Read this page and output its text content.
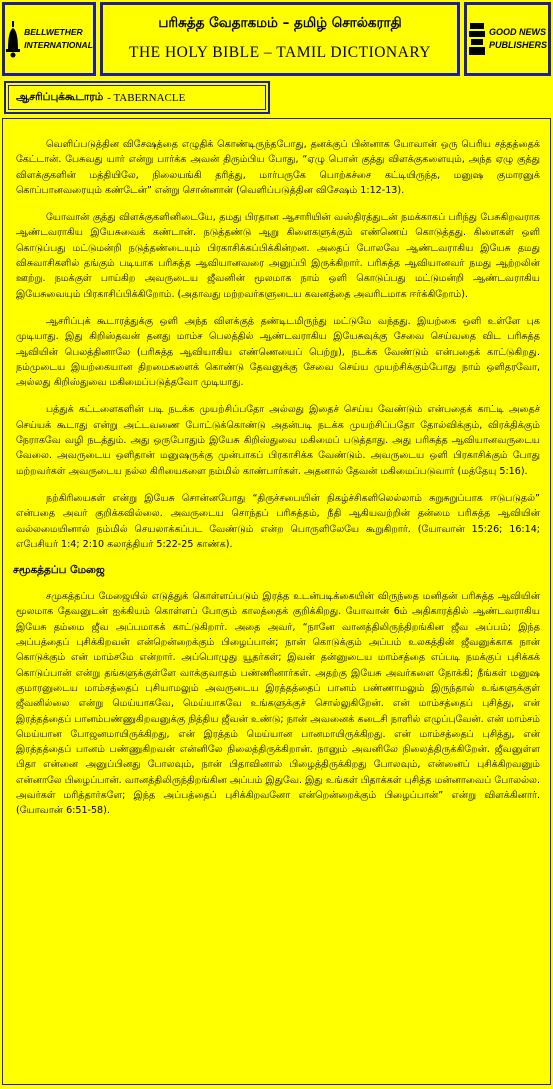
BELLWETHER
INTERNATIONAL
பரிசுத்த வேதாகமம் – தமிழ் சொல்கராதி
THE HOLY BIBLE – TAMIL DICTIONARY
GOOD NEWS
PUBLISHERS
ஆசரிப்புக்கூடாரம் - TABERNACLE

வெளிப்படுத்தின விசேஷத்தை எழுதிக் கொண்டிருந்தபோது, தனக்குப் பின்னாக யோவான் ஒரு பெரிய சத்தத்தைக் கேட்டான். பேசுவது யார் என்று பார்க்க அவன் திரும்பிய போது, “ஏழு பொன் குத்து விளக்குகளையும், அந்த ஏழு குத்து விளக்குகளின் மத்தியிலே, நிலையங்கி தரித்து, மார்பருகே பொற்கச்சை கட்டியிருந்த, மனுஷ குமாரனுக் கொப்பானவரையும் கண்டேன்” என்று சொன்னான் (வெளிப்படுத்தின விசேஷம் 1:12-13).

யோவான் குத்து விளக்குகளினிடையே, தமது பிரதான ஆசாரியின் வஸ்திரத்துடன் நமக்காகப் பரிந்து பேசுகிறவராக ஆண்டவராகிய இயேசுவைக் கண்டான். நடுத்தண்டு ஆறு கிளைகளுக்கும் எண்ணெய் கொடுத்தது. கிளைகள் ஒளி கொடுப்பது மட்டுமன்றி நடுத்தண்டையும் பிரகாசிக்கப்பிக்கின்றன. அதைப் போலவே ஆண்டவராகிய இயேசு தமது விசுவாசிகளில் தங்கும் படியாக பரிசுத்த ஆவியானவரை அனுப்பி இருக்கிறார். பரிசுத்த ஆவியானவர் நமது ஆற்றலின் ஊற்று. நமக்குள் பாய்கிற அவருடைய ஜீவனின் மூலமாக நாம் ஒளி கொடுப்பது மட்டுமன்றி ஆண்டவராகிய இயேசுவையும் பிரகாசிப்பிக்கிறோம். (அதாவது மற்றவர்களுடைய கவனத்தை அவரிடமாக ஈர்க்கிறோம்).

ஆசரிப்புக் கூடாரத்துக்கு ஒளி அந்த விளக்குத் தண்டிடமிருந்து மட்டுமே வந்தது. இயற்கை ஒளி உள்ளே புக முடியாது. இது கிறிஸ்தவன் தனது மாம்ச பெலத்தில் ஆண்டவராகிய இயேசுவுக்கு சேவை செய்வதை விட பரிசுத்த ஆவியின் பெலத்தினாலே (பரிசுத்த ஆவியாகிய எண்ணெயைப் பெற்று), நடக்க வேண்டும் என்பதைக் காட்டுகிறது. நம்முடைய இயற்கையான திறமைகளைக் கொண்டு தேவனுக்கு சேவை செய்ய முயற்சிக்கும்போது நாம் ஒளிதரவோ, அல்லது கிறிஸ்துவை மகிமைப்படுத்தவோ முடியாது.

பத்துக் கட்டளைகளின் படி நடக்க முயற்சிப்பதோ அல்லது இதைச் செய்ய வேண்டும் என்பதைக் காட்டி அதைச் செய்யக் கூடாது என்று அட்டவணை போட்டுக்கொண்டு அதன்படி நடக்க முயற்சிப்பதோ தோல்விக்கும், விரக்திக்கும் நேராகவே வழி நடத்தும். அது ஒருபோதும் இயேசு கிறிஸ்துவை மகிமைப் படுத்தாது. அது பரிசுத்த ஆவியானவருடைய வேலை. அவருடைய ஒளிதான் மனுஷருக்கு முன்பாகப் பிரகாசிக்க வேண்டும். அவருடைய ஒளி பிரகாசிக்கும் போது மற்றவர்கள் அவருடைய நல்ல கிரியைகளை நம்மில் காண்பார்கள். அதனால் தேவன் மகிமைப்படுவார் (மத்தேயு 5:16).

நற்கிரியைகள் என்று இயேசு சொன்னபோது “திருச்சபையின் நிகழ்ச்சிகளிலெல்லாம் சுறுசுறுப்பாக ஈடுபடுதல்” என்பதை அவர் குறிக்கவில்லை. அவருடைய சொந்தப் பரிசுத்தம், நீதி ஆகியவற்றின் தன்மை பரிசுத்த ஆவியின் வல்லமையினால் நம்மில் செயலாக்கப்பட வேண்டும் என்ற பொருளிலேயே கூறுகிறார். (யோவான் 15:26; 16:14; எபேசியர் 1:4; 2:10 கலாத்தியர் 5:22-25 காண்க).

சமூகத்தப்ப மேஜை

சமுகத்தப்ப மேஜையில் எடுத்துக் கொள்ளப்படும் இரத்த உடன்படிக்கையின் விருந்தை மனிதன் பரிசுத்த ஆவியின் மூலமாக தேவனுடன் ஐக்கியம் கொள்ளப் போகும் காலத்தைக் குறிக்கிறது. யோவான் 6ம் அதிகாரத்தில் ஆண்டவராகிய இயேசு தம்மை ஜீவ அப்பமாகக் காட்டுகிறார். அதை அவர், “நானே வானத்திலிருந்திறங்கின ஜீவ அப்பம்; இந்த அப்பத்தைப் புசிக்கிறவன் என்றென்றைக்கும் பிழைப்பான்; நான் கொடுக்கும் அப்பம் உலகத்தின் ஜீவனுக்காக நான் கொடுக்கும் என் மாம்சமே என்றார். அப்பொழுது யூதர்கள்; இவன் தன்னுடைய மாம்சத்தை எப்படி நமக்குப் புசிக்கக் கொடுப்பான் என்று தங்களுக்குள்ளே வாக்குவாதம் பண்ணினார்கள். அதற்கு இயேசு அவர்களை நோக்கி; நீங்கள் மனுஷ குமாரனுடைய மாம்சத்தைப் புசியாமலும் அவருடைய இரத்தத்தைப் பானம் பண்ணாமலும் இருந்தால் உங்களுக்குள் ஜீவனில்லை என்று மெய்யாகவே, மெய்யாகவே உங்களுக்குச் சொல்லுகிறேன். என் மாம்சத்தைப் புசித்து, என் இரத்தத்தைப் பானம்பண்ணுகிறவனுக்கு நித்திய ஜீவன் உண்டு; நான் அவனைக் கடைசி நாளில் எழுப்புவேன். என் மாம்சம் மெய்யான போஜனமாயிருக்கிறது, என் இரத்தம் மெய்யான பானமாயிருக்கிறது. என் மாம்சத்தைப் புசித்து, என் இரத்தத்தைப் பானம் பண்ணுகிறவன் என்னிலே நிலைத்திருக்கிறான். நானும் அவனிலே நிலைத்திருக்கிறேன். ஜீவனுள்ள பிதா என்னை அனுப்பினது போலவும், நான் பிதாவினால் பிழைத்திருக்கிறது போலவும், என்னைப் புசிக்கிறவனும் என்னாலே பிழைப்பான். வானத்திலிருந்திறங்கின அப்பம் இதுவே. இது உங்கள் பிதாக்கள் புசித்த மன்னாவைப் போலல்ல. அவர்கள் மரித்தார்களே; இந்த அப்பத்தைப் புசிக்கிறவனோ என்றென்றைக்கும் பிழைப்பான்” என்று விளக்கினார். (யோவான் 6:51-58).
